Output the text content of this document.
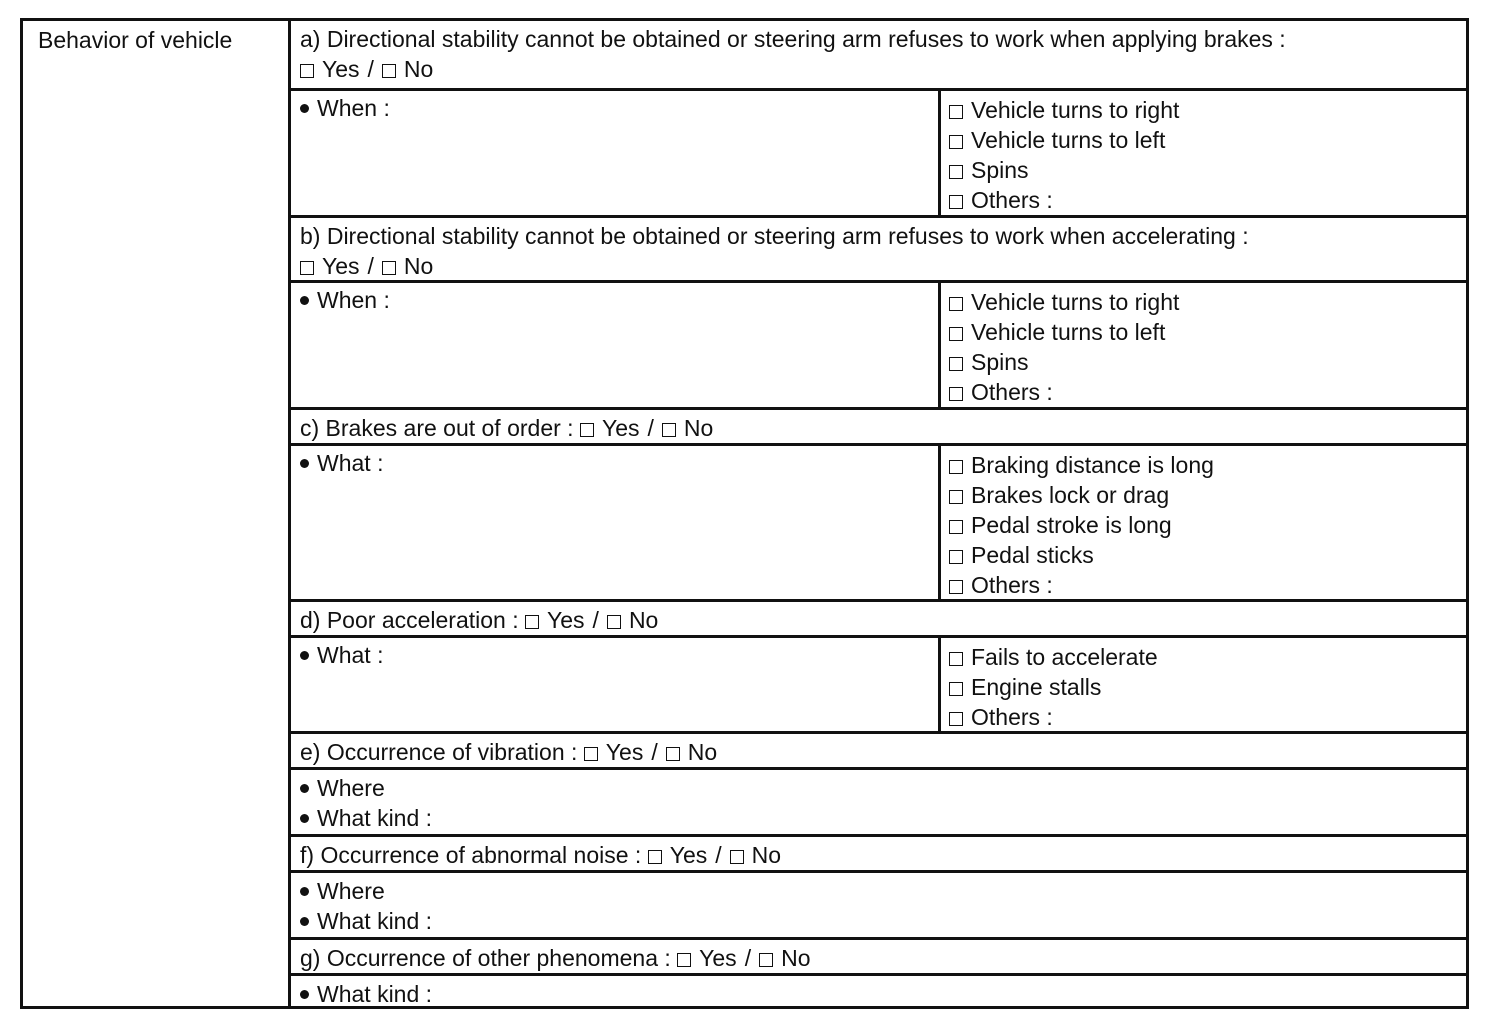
Behavior of vehicle	a) Directional stability cannot be obtained or steering arm refuses to work when applying brakes :
Yes / No
When :	Vehicle turns to right
Vehicle turns to left
Spins
Others :
b) Directional stability cannot be obtained or steering arm refuses to work when accelerating :
Yes / No
When :	Vehicle turns to right
Vehicle turns to left
Spins
Others :
c) Brakes are out of order : Yes / No
What :	Braking distance is long
Brakes lock or drag
Pedal stroke is long
Pedal sticks
Others :
d) Poor acceleration : Yes / No
What :	Fails to accelerate
Engine stalls
Others :
e) Occurrence of vibration : Yes / No
Where
What kind :
f) Occurrence of abnormal noise : Yes / No
Where
What kind :
g) Occurrence of other phenomena : Yes / No
What kind :
